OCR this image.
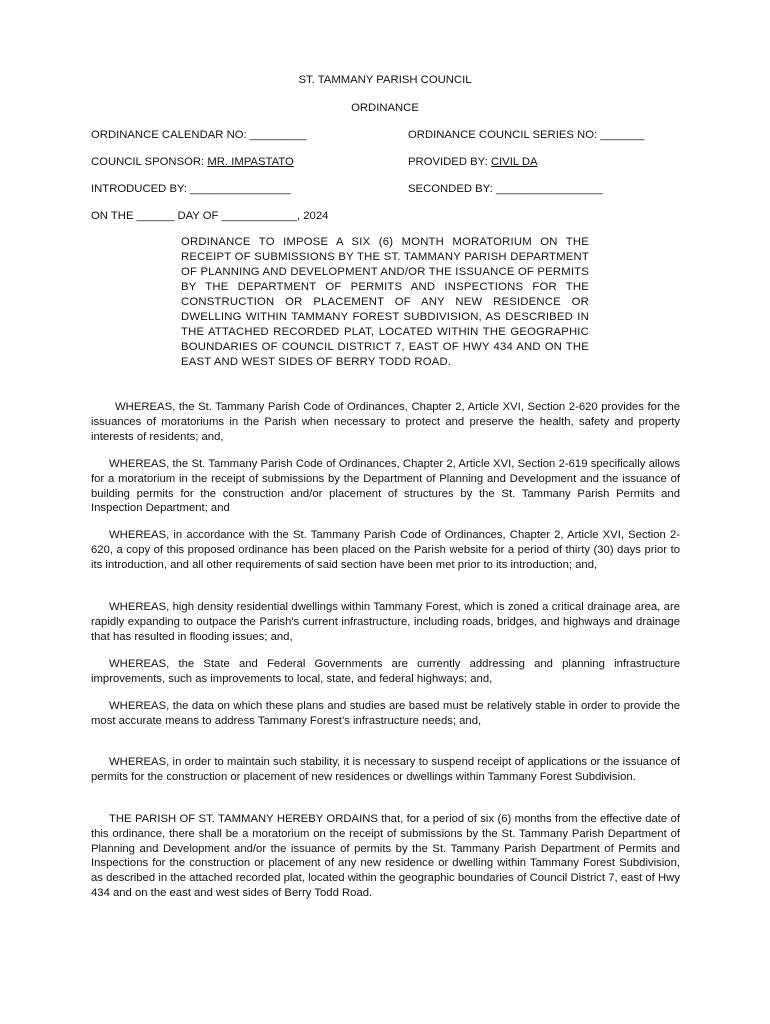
ST. TAMMANY PARISH COUNCIL
ORDINANCE
ORDINANCE CALENDAR NO: _________	ORDINANCE COUNCIL SERIES NO: _______
COUNCIL SPONSOR: MR. IMPASTATO	PROVIDED BY: CIVIL DA
INTRODUCED BY: ________________	SECONDED BY: _________________
ON THE ______ DAY OF ____________, 2024
ORDINANCE TO IMPOSE A SIX (6) MONTH MORATORIUM ON THE RECEIPT OF SUBMISSIONS BY THE ST. TAMMANY PARISH DEPARTMENT OF PLANNING AND DEVELOPMENT AND/OR THE ISSUANCE OF PERMITS BY THE DEPARTMENT OF PERMITS AND INSPECTIONS FOR THE CONSTRUCTION OR PLACEMENT OF ANY NEW RESIDENCE OR DWELLING WITHIN TAMMANY FOREST SUBDIVISION, AS DESCRIBED IN THE ATTACHED RECORDED PLAT, LOCATED WITHIN THE GEOGRAPHIC BOUNDARIES OF COUNCIL DISTRICT 7, EAST OF HWY 434 AND ON THE EAST AND WEST SIDES OF BERRY TODD ROAD.
WHEREAS, the St. Tammany Parish Code of Ordinances, Chapter 2, Article XVI, Section 2-620 provides for the issuances of moratoriums in the Parish when necessary to protect and preserve the health, safety and property interests of residents; and,
WHEREAS, the St. Tammany Parish Code of Ordinances, Chapter 2, Article XVI, Section 2-619 specifically allows for a moratorium in the receipt of submissions by the Department of Planning and Development and the issuance of building permits for the construction and/or placement of structures by the St. Tammany Parish Permits and Inspection Department; and
WHEREAS, in accordance with the St. Tammany Parish Code of Ordinances, Chapter 2, Article XVI, Section 2-620, a copy of this proposed ordinance has been placed on the Parish website for a period of thirty (30) days prior to its introduction, and all other requirements of said section have been met prior to its introduction; and,
WHEREAS, high density residential dwellings within Tammany Forest, which is zoned a critical drainage area, are rapidly expanding to outpace the Parish's current infrastructure, including roads, bridges, and highways and drainage that has resulted in flooding issues; and,
WHEREAS, the State and Federal Governments are currently addressing and planning infrastructure improvements, such as improvements to local, state, and federal highways; and,
WHEREAS, the data on which these plans and studies are based must be relatively stable in order to provide the most accurate means to address Tammany Forest’s infrastructure needs; and,
WHEREAS, in order to maintain such stability, it is necessary to suspend receipt of applications or the issuance of permits for the construction or placement of new residences or dwellings within Tammany Forest Subdivision.
THE PARISH OF ST. TAMMANY HEREBY ORDAINS that, for a period of six (6) months from the effective date of this ordinance, there shall be a moratorium on the receipt of submissions by the St. Tammany Parish Department of Planning and Development and/or the issuance of permits by the St. Tammany Parish Department of Permits and Inspections for the construction or placement of any new residence or dwelling within Tammany Forest Subdivision, as described in the attached recorded plat, located within the geographic boundaries of Council District 7, east of Hwy 434 and on the east and west sides of Berry Todd Road.
